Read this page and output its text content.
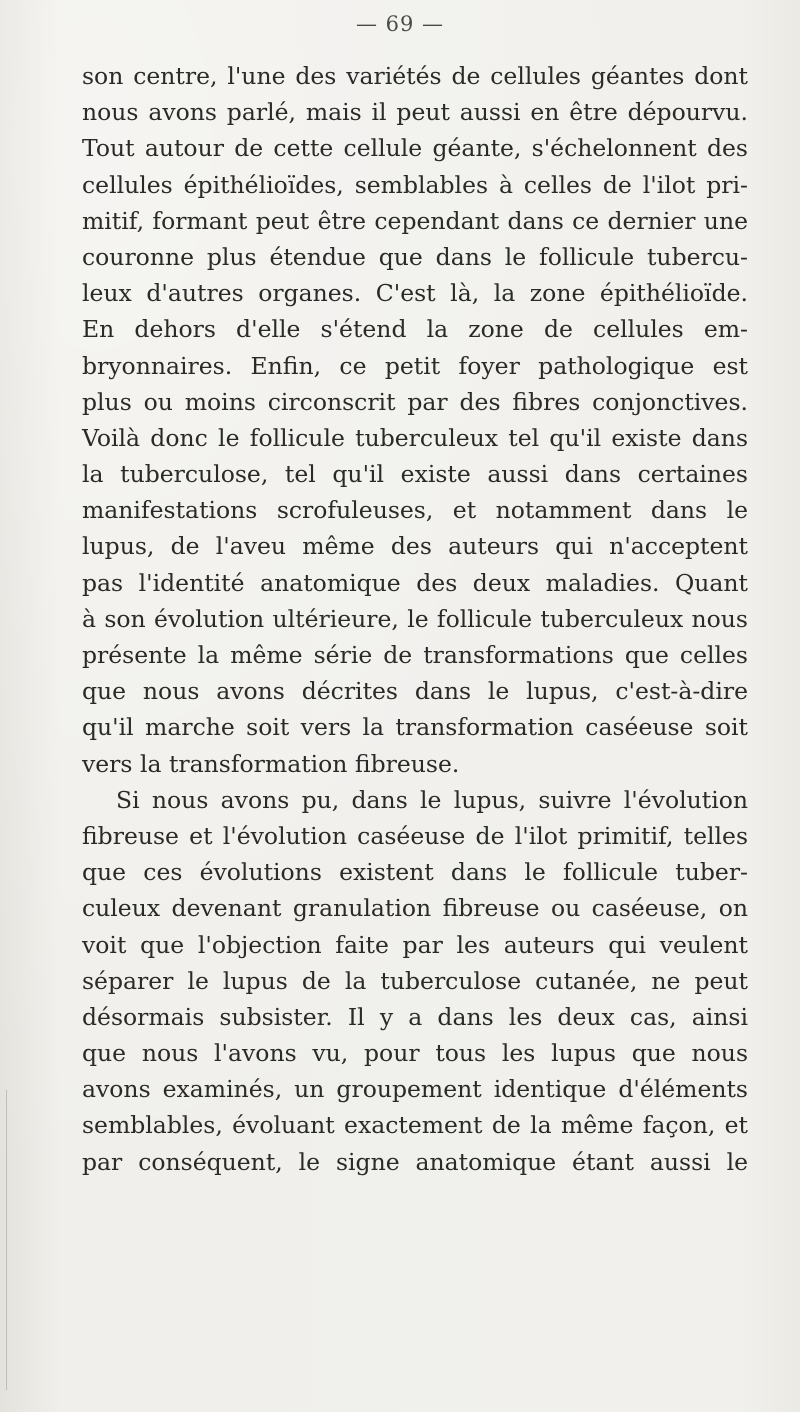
— 69 —
son centre, l'une des variétés de cellules géantes dont
nous avons parlé, mais il peut aussi en être dépourvu.
Tout autour de cette cellule géante, s'échelonnent des
cellules épithélioïdes, semblables à celles de l'ilot pri-
mitif, formant peut être cependant dans ce dernier une
couronne plus étendue que dans le follicule tubercu-
leux d'autres organes. C'est là, la zone épithélioïde.
En dehors d'elle s'étend la zone de cellules em-
bryonnaires. Enfin, ce petit foyer pathologique est
plus ou moins circonscrit par des fibres conjonctives.
Voilà donc le follicule tuberculeux tel qu'il existe dans
la tuberculose, tel qu'il existe aussi dans certaines
manifestations scrofuleuses, et notamment dans le
lupus, de l'aveu même des auteurs qui n'acceptent
pas l'identité anatomique des deux maladies. Quant
à son évolution ultérieure, le follicule tuberculeux nous
présente la même série de transformations que celles
que nous avons décrites dans le lupus, c'est-à-dire
qu'il marche soit vers la transformation caséeuse soit
vers la transformation fibreuse.
Si nous avons pu, dans le lupus, suivre l'évolution
fibreuse et l'évolution caséeuse de l'ilot primitif, telles
que ces évolutions existent dans le follicule tuber-
culeux devenant granulation fibreuse ou caséeuse, on
voit que l'objection faite par les auteurs qui veulent
séparer le lupus de la tuberculose cutanée, ne peut
désormais subsister. Il y a dans les deux cas, ainsi
que nous l'avons vu, pour tous les lupus que nous
avons examinés, un groupement identique d'éléments
semblables, évoluant exactement de la même façon, et
par conséquent, le signe anatomique étant aussi le
